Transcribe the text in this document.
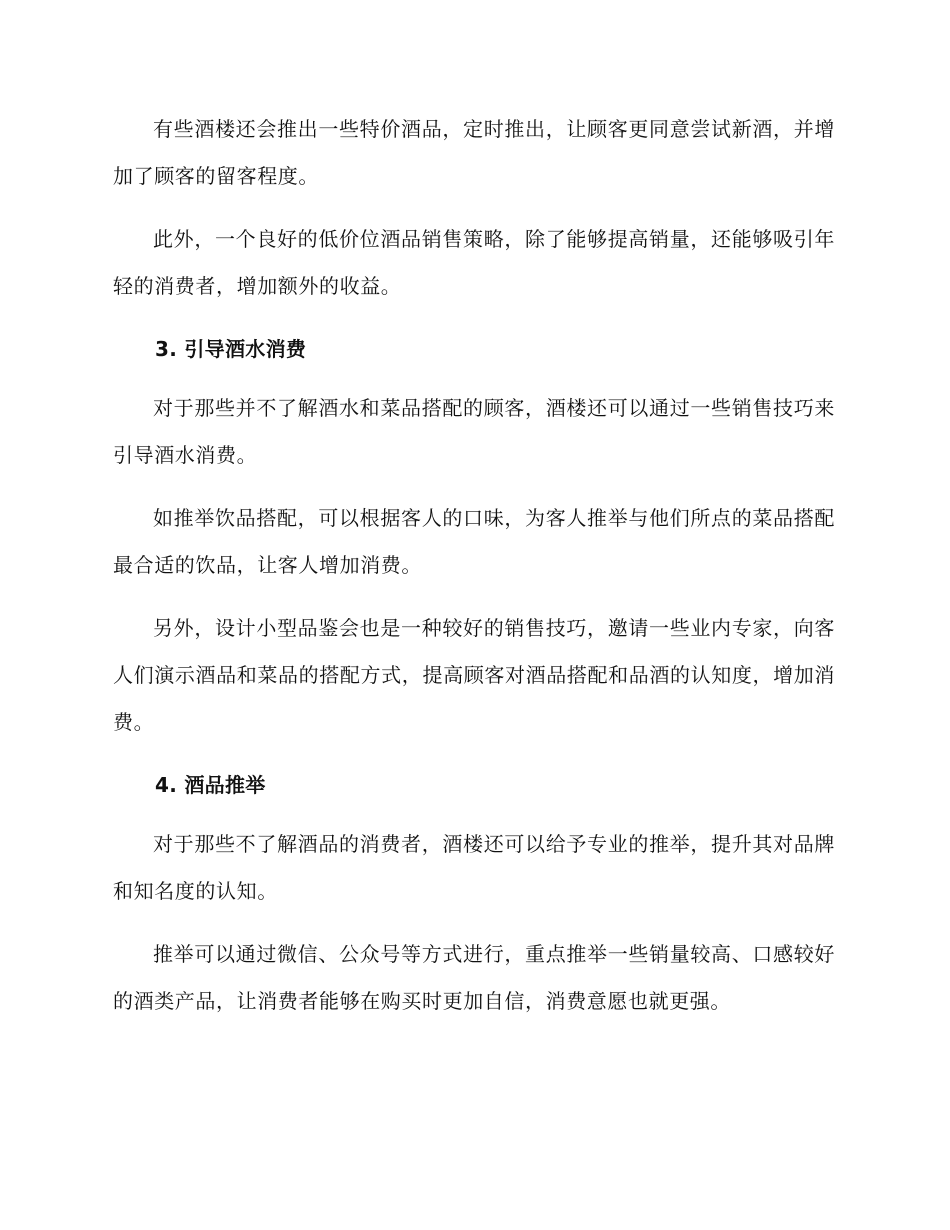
有些酒楼还会推出一些特价酒品，定时推出，让顾客更同意尝试新酒，并增加了顾客的留客程度。

此外，一个良好的低价位酒品销售策略，除了能够提高销量，还能够吸引年轻的消费者，增加额外的收益。

3. 引导酒水消费

对于那些并不了解酒水和菜品搭配的顾客，酒楼还可以通过一些销售技巧来引导酒水消费。

如推举饮品搭配，可以根据客人的口味，为客人推举与他们所点的菜品搭配最合适的饮品，让客人增加消费。

另外，设计小型品鉴会也是一种较好的销售技巧，邀请一些业内专家，向客人们演示酒品和菜品的搭配方式，提高顾客对酒品搭配和品酒的认知度，增加消费。

4. 酒品推举

对于那些不了解酒品的消费者，酒楼还可以给予专业的推举，提升其对品牌和知名度的认知。

推举可以通过微信、公众号等方式进行，重点推举一些销量较高、口感较好的酒类产品，让消费者能够在购买时更加自信，消费意愿也就更强。
